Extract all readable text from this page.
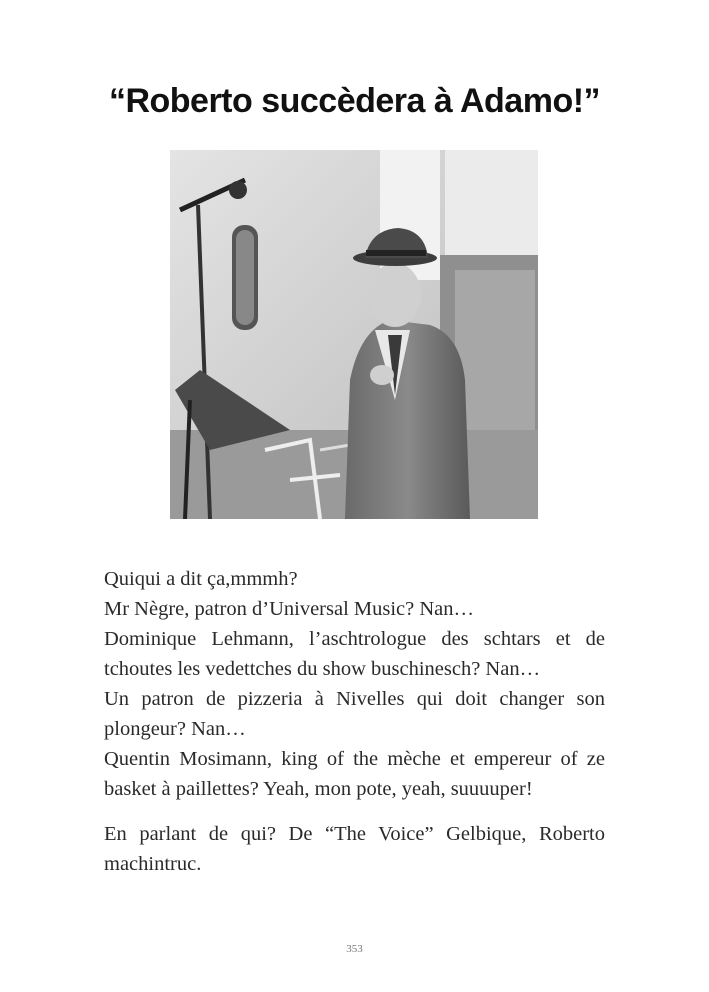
“Roberto succèdera à Adamo!”

Quiqui a dit ça,mmmh?
Mr Nègre, patron d’Universal Music? Nan…
Dominique Lehmann, l’aschtrologue des schtars et de tchoutes les vedettches du show buschinesch? Nan…
Un patron de pizzeria à Nivelles qui doit changer son plongeur? Nan…
Quentin Mosimann, king of the mèche et empereur of ze basket à paillettes? Yeah, mon pote, yeah, suuuuper!

En parlant de qui? De “The Voice” Gelbique, Roberto machintruc.

353
